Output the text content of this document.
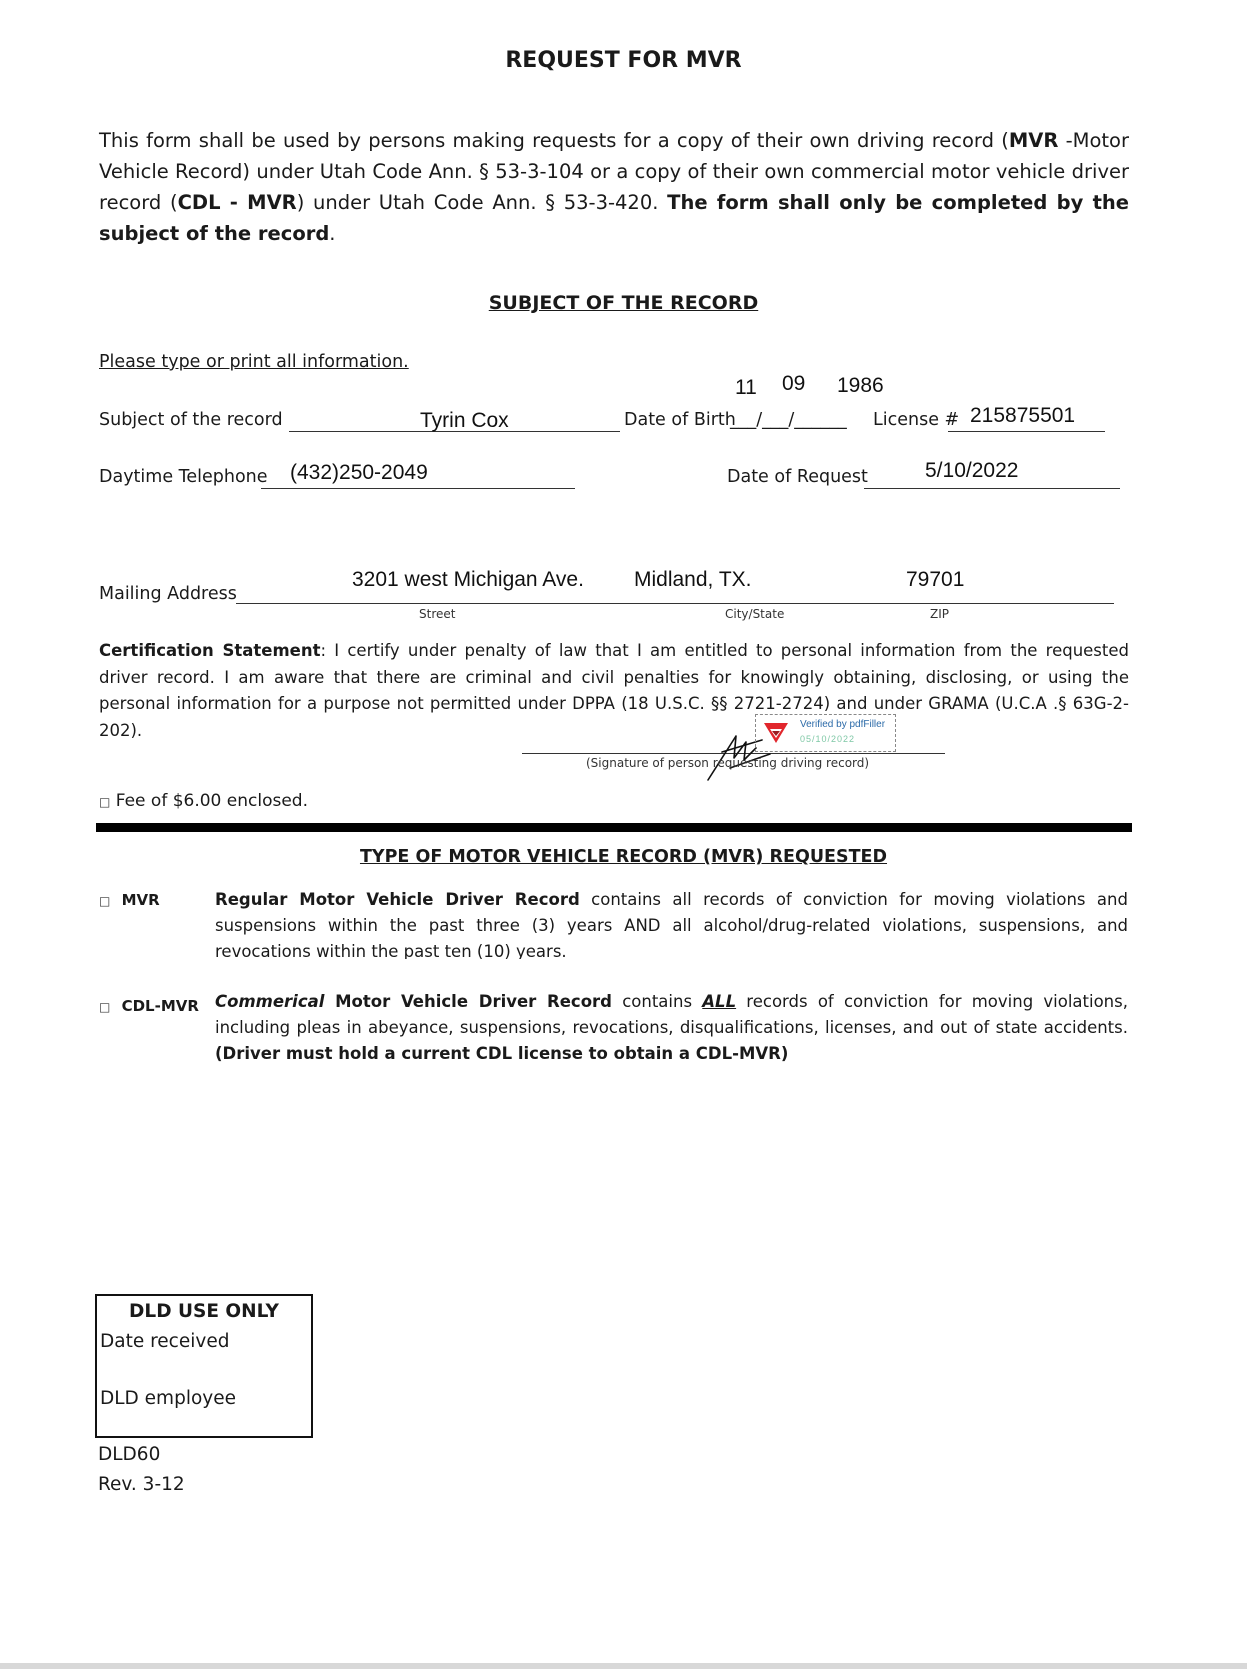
REQUEST FOR MVR
This form shall be used by persons making requests for a copy of their own driving record (MVR -Motor Vehicle Record) under Utah Code Ann. § 53-3-104 or a copy of their own commercial motor vehicle driver record (CDL - MVR) under Utah Code Ann. § 53-3-420. The form shall only be completed by the subject of the record.
SUBJECT OF THE RECORD
Please type or print all information.
Subject of the record	Tyrin Cox	Date of Birth
___/___/______
11 09 1986
License # 215875501
Daytime Telephone (432)250-2049	Date of Request	5/10/2022
Mailing Address
3201 west Michigan Ave. Midland, TX.	79701
Street	City/State	ZIP
Certification Statement: I certify under penalty of law that I am entitled to personal information from the requested driver record. I am aware that there are criminal and civil penalties for knowingly obtaining, disclosing, or using the personal information for a purpose not permitted under DPPA (18 U.S.C. §§ 2721-2724) and under GRAMA (U.C.A .§ 63G-2-202).
(Signature of person requesting driving record)
Verified by pdfFiller
05/10/2022
□ Fee of $6.00 enclosed.
TYPE OF MOTOR VEHICLE RECORD (MVR) REQUESTED
□ MVR	Regular Motor Vehicle Driver Record contains all records of conviction for moving violations and suspensions within the past three (3) years AND all alcohol/drug-related violations, suspensions, and revocations within the past ten (10) years.
□ CDL-MVR Commerical Motor Vehicle Driver Record contains ALL records of conviction for moving violations, including pleas in abeyance, suspensions, revocations, disqualifications, licenses, and out of state accidents. (Driver must hold a current CDL license to obtain a CDL-MVR)
DLD USE ONLY
Date received
DLD employee
DLD60
Rev. 3-12
